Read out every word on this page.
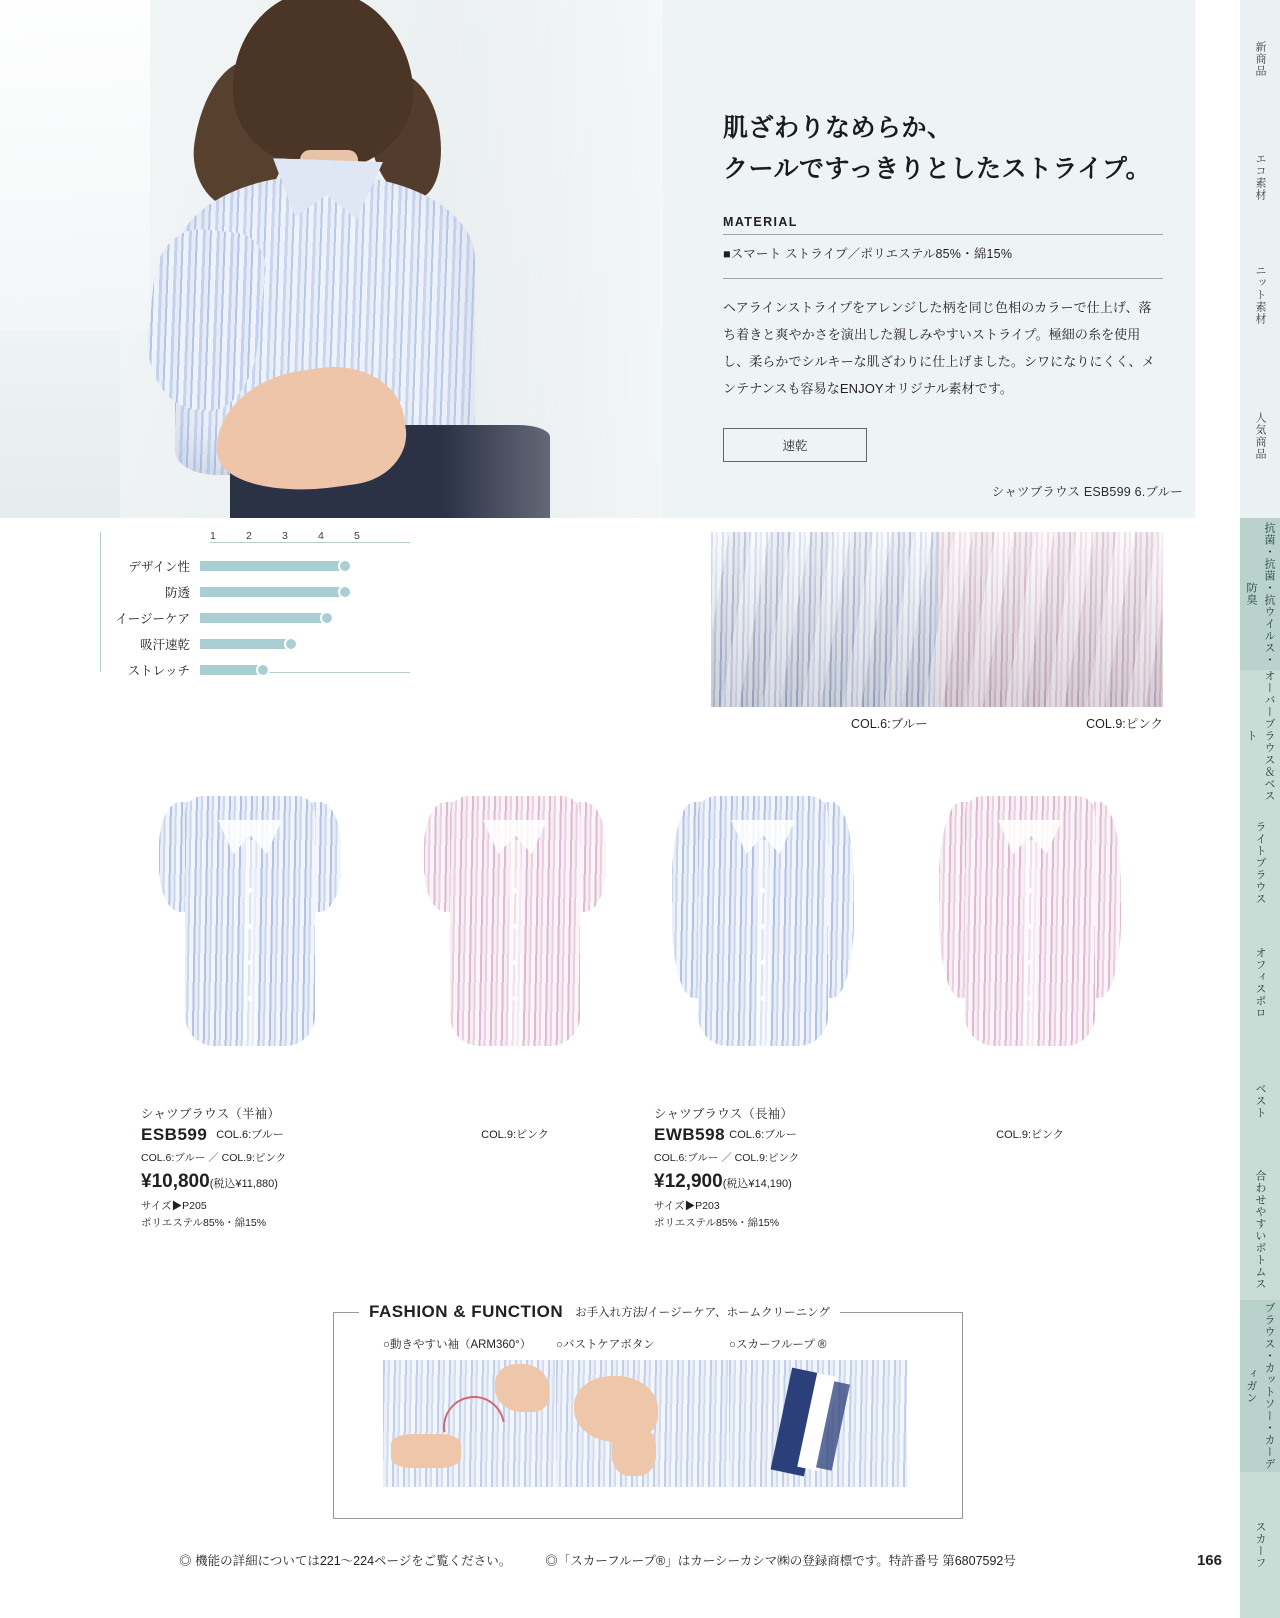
シャツブラウス ESB599 6.ブルー
肌ざわりなめらか、
クールですっきりとしたストライプ。
MATERIAL
■スマート ストライプ／ポリエステル85%・綿15%
ヘアラインストライプをアレンジした柄を同じ色相のカラーで仕上げ、落ち着きと爽やかさを演出した親しみやすいストライプ。極細の糸を使用し、柔らかでシルキーな肌ざわりに仕上げました。シワになりにくく、メンテナンスも容易なENJOYオリジナル素材です。
速乾
1	2	3	4	5
デザイン性
防透
イージーケア
吸汗速乾
ストレッチ
COL.6:ブルー	COL.9:ピンク
COL.6:ブルー
シャツブラウス（半袖）
ESB599
COL.6:ブルー ／ COL.9:ピンク
¥10,800(税込¥11,880)
サイズ▶P205
ポリエステル85%・綿15%
COL.9:ピンク	COL.6:ブルー
シャツブラウス（長袖）
EWB598
COL.6:ブルー ／ COL.9:ピンク
¥12,900(税込¥14,190)
サイズ▶P203
ポリエステル85%・綿15%
COL.9:ピンク
FASHION & FUNCTION お手入れ方法/イージーケア、ホームクリーニング
○動きやすい袖（ARM360°）	○バストケアボタン	○スカーフループ ®
◎ 機能の詳細については221〜224ページをご覧ください。	◎「スカーフループ®」はカーシーカシマ㈱の登録商標です。特許番号 第6807592号	166
新商品
エコ素材
ニット素材
人気商品
抗菌・抗菌・抗ウイルス・防臭
オーバーブラウス＆ベスト
ライトブラウス
オフィスポロ
ベスト
合わせやすいボトムス
ブラウス・カットソー・カーディガン
スカーフ
